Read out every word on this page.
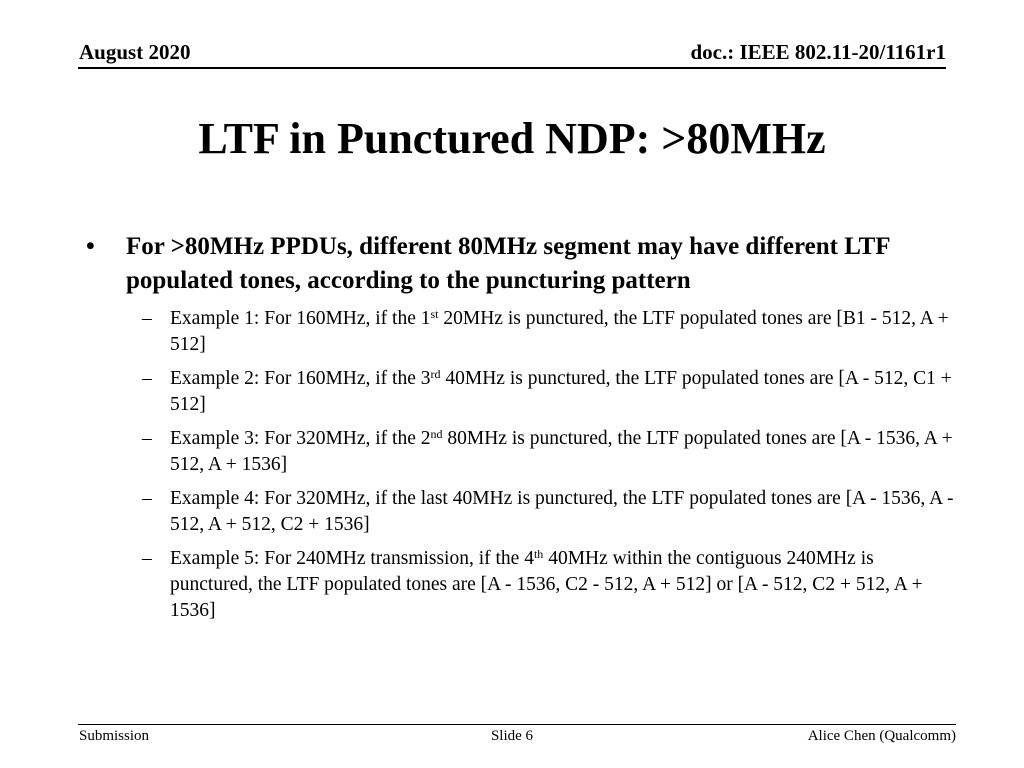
August 2020	doc.: IEEE 802.11-20/1161r1
LTF in Punctured NDP: >80MHz
• For >80MHz PPDUs, different 80MHz segment may have different LTF populated tones, according to the puncturing pattern
– Example 1: For 160MHz, if the 1st 20MHz is punctured, the LTF populated tones are [B1 - 512, A + 512]
– Example 2: For 160MHz, if the 3rd 40MHz is punctured, the LTF populated tones are [A - 512, C1 + 512]
– Example 3: For 320MHz, if the 2nd 80MHz is punctured, the LTF populated tones are [A - 1536, A + 512, A + 1536]
– Example 4: For 320MHz, if the last 40MHz is punctured, the LTF populated tones are [A - 1536, A - 512, A + 512, C2 + 1536]
– Example 5: For 240MHz transmission, if the 4th 40MHz within the contiguous 240MHz is punctured, the LTF populated tones are [A - 1536, C2 - 512, A + 512] or [A - 512, C2 + 512, A + 1536]
Submission	Slide 6	Alice Chen (Qualcomm)
